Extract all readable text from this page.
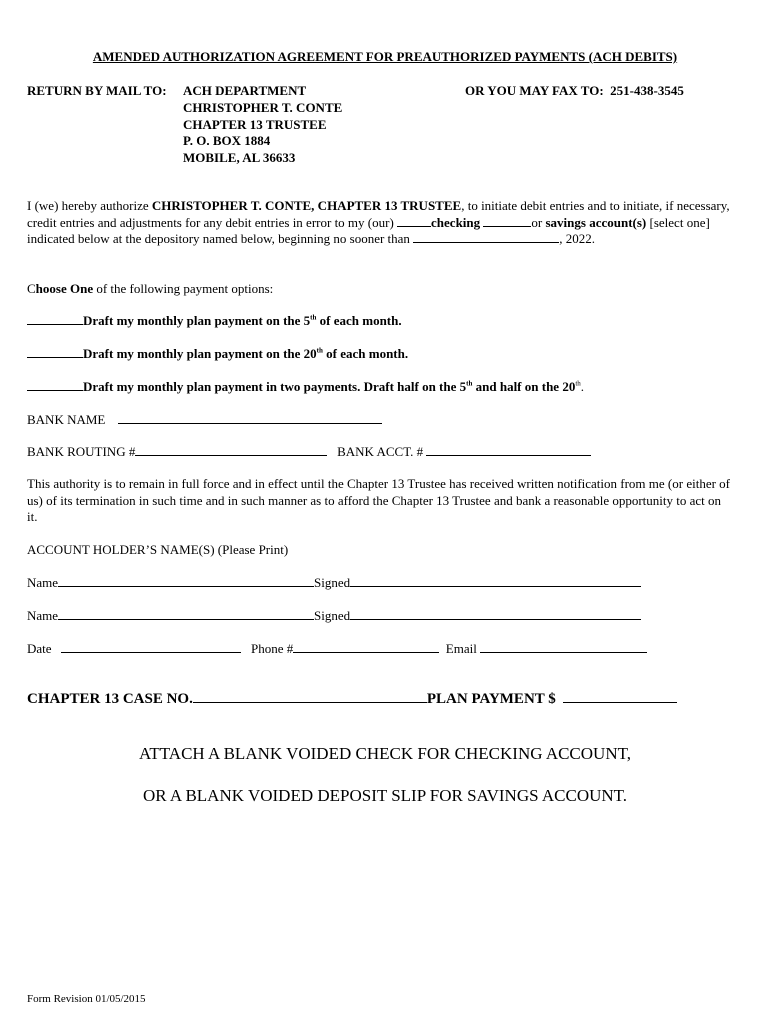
AMENDED AUTHORIZATION AGREEMENT FOR PREAUTHORIZED PAYMENTS (ACH DEBITS)
RETURN BY MAIL TO: ACH DEPARTMENT
CHRISTOPHER T. CONTE
CHAPTER 13 TRUSTEE
P. O. BOX 1884
MOBILE, AL 36633
OR YOU MAY FAX TO: 251-438-3545
I (we) hereby authorize CHRISTOPHER T. CONTE, CHAPTER 13 TRUSTEE, to initiate debit entries and to initiate, if necessary, credit entries and adjustments for any debit entries in error to my (our)	checking	or savings account(s) [select one] indicated below at the depository named below, beginning no sooner than	, 2022.
Choose One of the following payment options:
Draft my monthly plan payment on the 5th of each month.
Draft my monthly plan payment on the 20th of each month.
Draft my monthly plan payment in two payments. Draft half on the 5th and half on the 20th.
BANK NAME
BANK ROUTING #	BANK ACCT. #
This authority is to remain in full force and in effect until the Chapter 13 Trustee has received written notification from me (or either of us) of its termination in such time and in such manner as to afford the Chapter 13 Trustee and bank a reasonable opportunity to act on it.
ACCOUNT HOLDER’S NAME(S) (Please Print)
Name	Signed
Name	Signed
Date	Phone #	Email
CHAPTER 13 CASE NO.	PLAN PAYMENT $
ATTACH A BLANK VOIDED CHECK FOR CHECKING ACCOUNT,
OR A BLANK VOIDED DEPOSIT SLIP FOR SAVINGS ACCOUNT.
Form Revision 01/05/2015
